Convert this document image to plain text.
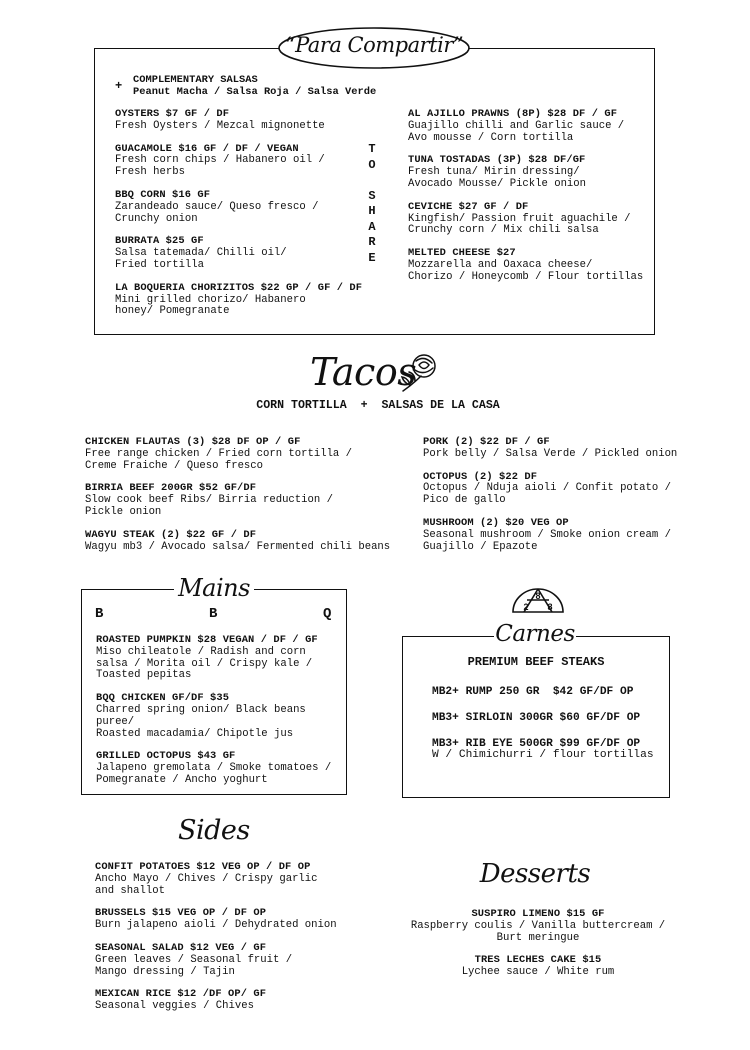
“Para Compartir”
+ COMPLEMENTARY SALSAS
Peanut Macha / Salsa Roja / Salsa Verde
OYSTERS $7 GF / DF
Fresh Oysters / Mezcal mignonette
GUACAMOLE $16 GF / DF / VEGAN
Fresh corn chips / Habanero oil /
Fresh herbs
BBQ CORN $16 GF
Zarandeado sauce/ Queso fresco /
Crunchy onion
BURRATA $25 GF
Salsa tatemada/ Chilli oil/
Fried tortilla
LA BOQUERIA CHORIZITOS $22 GP / GF / DF
Mini grilled chorizo/ Habanero
honey/ Pomegranate
T
O
S
H
A
R
E
AL AJILLO PRAWNS (8P) $28 DF / GF
Guajillo chilli and Garlic sauce /
Avo mousse / Corn tortilla
TUNA TOSTADAS (3P) $28 DF/GF
Fresh tuna/ Mirin dressing/
Avocado Mousse/ Pickle onion
CEVICHE $27 GF / DF
Kingfish/ Passion fruit aguachile /
Crunchy corn / Mix chili salsa
MELTED CHEESE $27
Mozzarella and Oaxaca cheese/
Chorizo / Honeycomb / Flour tortillas
Tacos
CORN TORTILLA  +  SALSAS DE LA CASA
CHICKEN FLAUTAS (3) $28 DF OP / GF
Free range chicken / Fried corn tortilla /
Creme Fraiche / Queso fresco
BIRRIA BEEF 200GR $52 GF/DF
Slow cook beef Ribs/ Birria reduction /
Pickle onion
WAGYU STEAK (2) $22 GF / DF
Wagyu mb3 / Avocado salsa/ Fermented chili beans
PORK (2) $22 DF / GF
Pork belly / Salsa Verde / Pickled onion
OCTOPUS (2) $22 DF
Octopus / Nduja aioli / Confit potato /
Pico de gallo
MUSHROOM (2) $20 VEG OP
Seasonal mushroom / Smoke onion cream /
Guajillo / Epazote
Mains
B	B	Q
ROASTED PUMPKIN $28 VEGAN / DF / GF
Miso chileatole / Radish and corn
salsa / Morita oil / Crispy kale /
Toasted pepitas
BQQ CHICKEN GF/DF $35
Charred spring onion/ Black beans puree/
Roasted macadamia/ Chipotle jus
GRILLED OCTOPUS $43 GF
Jalapeno gremolata / Smoke tomatoes /
Pomegranate / Ancho yoghurt
2
8
8
Carnes
PREMIUM BEEF STEAKS
MB2+ RUMP 250 GR  $42 GF/DF OP
MB3+ SIRLOIN 300GR $60 GF/DF OP
MB3+ RIB EYE 500GR $99 GF/DF OP
W / Chimichurri / flour tortillas
Sides
CONFIT POTATOES $12 VEG OP / DF OP
Ancho Mayo / Chives / Crispy garlic
and shallot
BRUSSELS $15 VEG OP / DF OP
Burn jalapeno aioli / Dehydrated onion
SEASONAL SALAD $12 VEG / GF
Green leaves / Seasonal fruit /
Mango dressing / Tajin
MEXICAN RICE $12 /DF OP/ GF
Seasonal veggies / Chives
Desserts
SUSPIRO LIMENO $15 GF
Raspberry coulis / Vanilla buttercream /
Burt meringue
TRES LECHES CAKE $15
Lychee sauce / White rum
